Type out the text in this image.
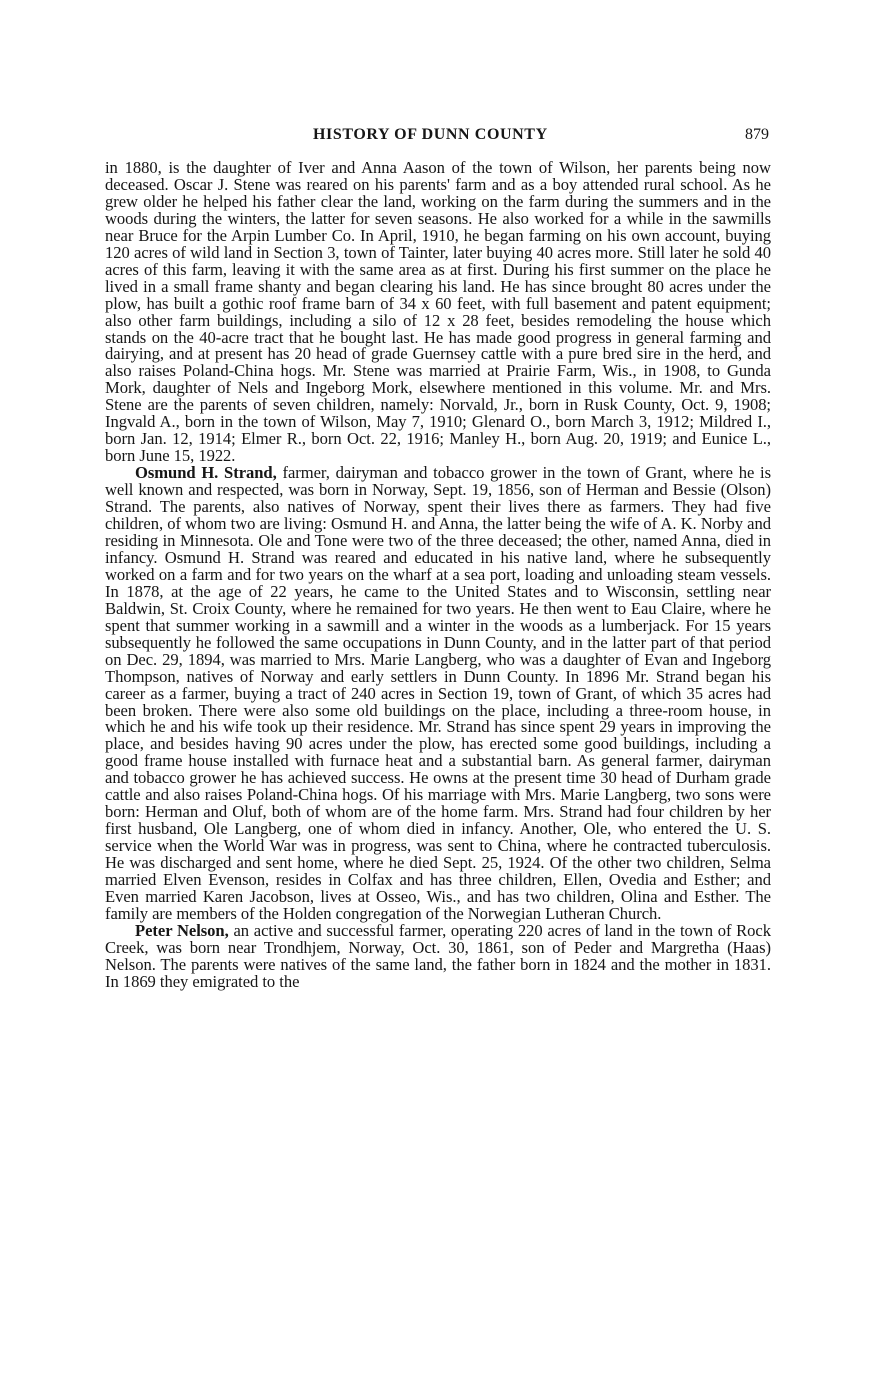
HISTORY OF DUNN COUNTY	879

in 1880, is the daughter of Iver and Anna Aason of the town of Wilson, her parents being now deceased. Oscar J. Stene was reared on his parents' farm and as a boy attended rural school. As he grew older he helped his father clear the land, working on the farm during the summers and in the woods during the winters, the latter for seven seasons. He also worked for a while in the sawmills near Bruce for the Arpin Lumber Co. In April, 1910, he began farming on his own account, buying 120 acres of wild land in Section 3, town of Tainter, later buying 40 acres more. Still later he sold 40 acres of this farm, leaving it with the same area as at first. During his first summer on the place he lived in a small frame shanty and began clearing his land. He has since brought 80 acres under the plow, has built a gothic roof frame barn of 34 x 60 feet, with full basement and patent equipment; also other farm buildings, including a silo of 12 x 28 feet, besides remodeling the house which stands on the 40-acre tract that he bought last. He has made good progress in general farming and dairying, and at present has 20 head of grade Guernsey cattle with a pure bred sire in the herd, and also raises Poland-China hogs. Mr. Stene was married at Prairie Farm, Wis., in 1908, to Gunda Mork, daughter of Nels and Ingeborg Mork, elsewhere mentioned in this volume. Mr. and Mrs. Stene are the parents of seven children, namely: Norvald, Jr., born in Rusk County, Oct. 9, 1908; Ingvald A., born in the town of Wilson, May 7, 1910; Glenard O., born March 3, 1912; Mildred I., born Jan. 12, 1914; Elmer R., born Oct. 22, 1916; Manley H., born Aug. 20, 1919; and Eunice L., born June 15, 1922.

Osmund H. Strand, farmer, dairyman and tobacco grower in the town of Grant, where he is well known and respected, was born in Norway, Sept. 19, 1856, son of Herman and Bessie (Olson) Strand. The parents, also natives of Norway, spent their lives there as farmers. They had five children, of whom two are living: Osmund H. and Anna, the latter being the wife of A. K. Norby and residing in Minnesota. Ole and Tone were two of the three deceased; the other, named Anna, died in infancy. Osmund H. Strand was reared and educated in his native land, where he subsequently worked on a farm and for two years on the wharf at a sea port, loading and unloading steam vessels. In 1878, at the age of 22 years, he came to the United States and to Wisconsin, settling near Baldwin, St. Croix County, where he remained for two years. He then went to Eau Claire, where he spent that summer working in a sawmill and a winter in the woods as a lumberjack. For 15 years subsequently he followed the same occupations in Dunn County, and in the latter part of that period on Dec. 29, 1894, was married to Mrs. Marie Langberg, who was a daughter of Evan and Ingeborg Thompson, natives of Norway and early settlers in Dunn County. In 1896 Mr. Strand began his career as a farmer, buying a tract of 240 acres in Section 19, town of Grant, of which 35 acres had been broken. There were also some old buildings on the place, including a three-room house, in which he and his wife took up their residence. Mr. Strand has since spent 29 years in improving the place, and besides having 90 acres under the plow, has erected some good buildings, including a good frame house installed with furnace heat and a substantial barn. As general farmer, dairyman and tobacco grower he has achieved success. He owns at the present time 30 head of Durham grade cattle and also raises Poland-China hogs. Of his marriage with Mrs. Marie Langberg, two sons were born: Herman and Oluf, both of whom are of the home farm. Mrs. Strand had four children by her first husband, Ole Langberg, one of whom died in infancy. Another, Ole, who entered the U. S. service when the World War was in progress, was sent to China, where he contracted tuberculosis. He was discharged and sent home, where he died Sept. 25, 1924. Of the other two children, Selma married Elven Evenson, resides in Colfax and has three children, Ellen, Ovedia and Esther; and Even married Karen Jacobson, lives at Osseo, Wis., and has two children, Olina and Esther. The family are members of the Holden congregation of the Norwegian Lutheran Church.

Peter Nelson, an active and successful farmer, operating 220 acres of land in the town of Rock Creek, was born near Trondhjem, Norway, Oct. 30, 1861, son of Peder and Margretha (Haas) Nelson. The parents were natives of the same land, the father born in 1824 and the mother in 1831. In 1869 they emigrated to the
